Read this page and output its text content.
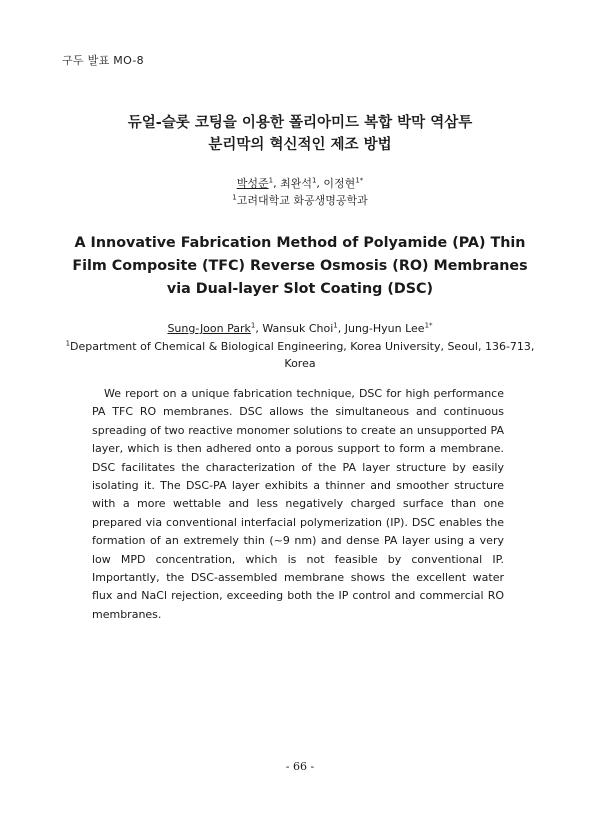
구두 발표 MO-8
듀얼-슬롯 코팅을 이용한 폴리아미드 복합 박막 역삼투
분리막의 혁신적인 제조 방법
박성준$^1$, 최완석$^1$, 이정현$^{1*}$
$^1$고려대학교 화공생명공학과
A Innovative Fabrication Method of Polyamide (PA) Thin
Film Composite (TFC) Reverse Osmosis (RO) Membranes
via Dual-layer Slot Coating (DSC)
Sung-Joon Park$^1$, Wansuk Choi$^1$, Jung-Hyun Lee$^{1*}$
$^1$Department of Chemical & Biological Engineering, Korea University, Seoul, 136-713, Korea

We report on a unique fabrication technique, DSC for high performance PA TFC RO membranes. DSC allows the simultaneous and continuous spreading of two reactive monomer solutions to create an unsupported PA layer, which is then adhered onto a porous support to form a membrane. DSC facilitates the characterization of the PA layer structure by easily isolating it. The DSC-PA layer exhibits a thinner and smoother structure with a more wettable and less negatively charged surface than one prepared via conventional interfacial polymerization (IP). DSC enables the formation of an extremely thin (~9 nm) and dense PA layer using a very low MPD concentration, which is not feasible by conventional IP. Importantly, the DSC-assembled membrane shows the excellent water flux and NaCl rejection, exceeding both the IP control and commercial RO membranes.

- 66 -
